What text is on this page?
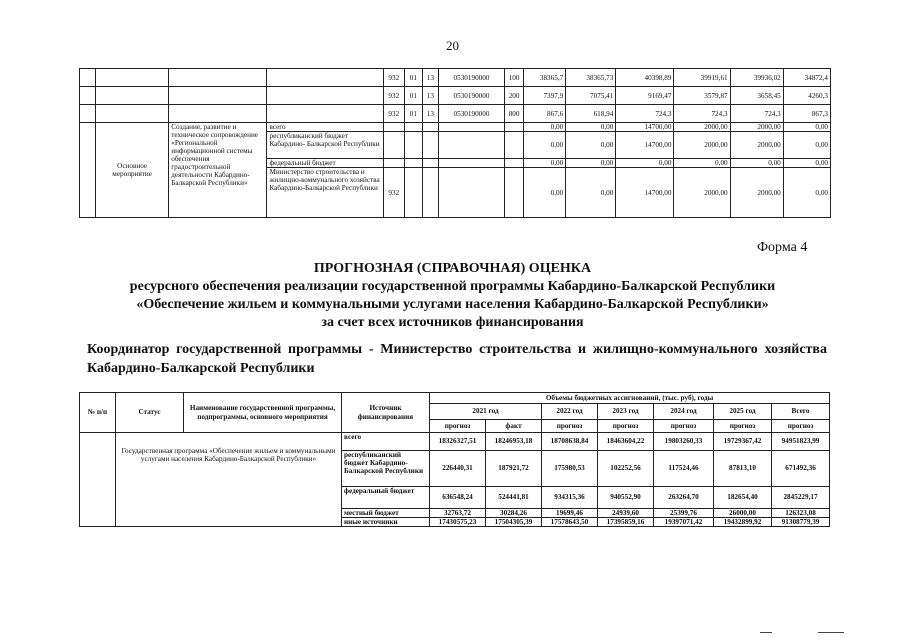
20
				932	01	13	0530190000	100	38365,7	38365,73	40398,89	39919,61	39936,02	34872,4
				932	01	13	0530190000	200	7397,9	7075,41	9169,47	3579,87	3658,45	4260,3
				932	01	13	0530190000	800	867,6	618,94	724,3	724,3	724,3	867,3
	Основное мероприятие	Создание, развитие и техническое сопровождение «Региональной информационной системы обеспечения градостроительной деятельности Кабардино-Балкарской Республики»	всего						0,00	0,00	14700,00	2000,00	2000,00	0,00
			республиканский бюджет Кабардино- Балкарской Республики						0,00	0,00	14700,00	2000,00	2000,00	0,00
			федеральный бюджет						0,00	0,00	0,00	0,00	0,00	0,00
			Министерство строительства и жилищно-коммунального хозяйства Кабардино-Балкарской Республики	932					0,00	0,00	14700,00	2000,00	2000,00	0,00
Форма 4
ПРОГНОЗНАЯ (СПРАВОЧНАЯ) ОЦЕНКА
ресурсного обеспечения реализации государственной программы Кабардино-Балкарской Республики
«Обеспечение жильем и коммунальными услугами населения Кабардино-Балкарской Республики»
за счет всех источников финансирования
Координатор государственной программы - Министерство строительства и жилищно-коммунального хозяйства Кабардино-Балкарской Республики
№ п/п	Статус	Наименование государственной программы, подпрограммы, основного мероприятия	Источник финансирования	Объемы бюджетных ассигнований, (тыс. руб), годы						
				2021 год		2022 год	2023 год	2024 год	2025 год	Всего
				прогноз	факт	прогноз	прогноз	прогноз	прогноз	прогноз
	Государственная программа «Обеспечение жильем и коммунальными услугами населения Кабардино-Балкарской Республики»		всего	18326327,51	18246953,18	18708638,84	18463604,22	19803260,33	19729367,42	94951823,99
			республиканский бюджет Кабардино-Балкарской Республики	226440,31	187921,72	175980,53	102252,56	117524,46	87813,10	671492,36
			федеральный бюджет	636548,24	524441,81	934315,36	940552,90	263264,70	182654,40	2845229,17
			местный бюджет	32763,72	30284,26	19699,46	24939,60	25399,76	26000,00	126323,08
			иные источники	17430575,23	17504305,39	17578643,50	17395859,16	19397071,42	19432899,92	91308779,39
